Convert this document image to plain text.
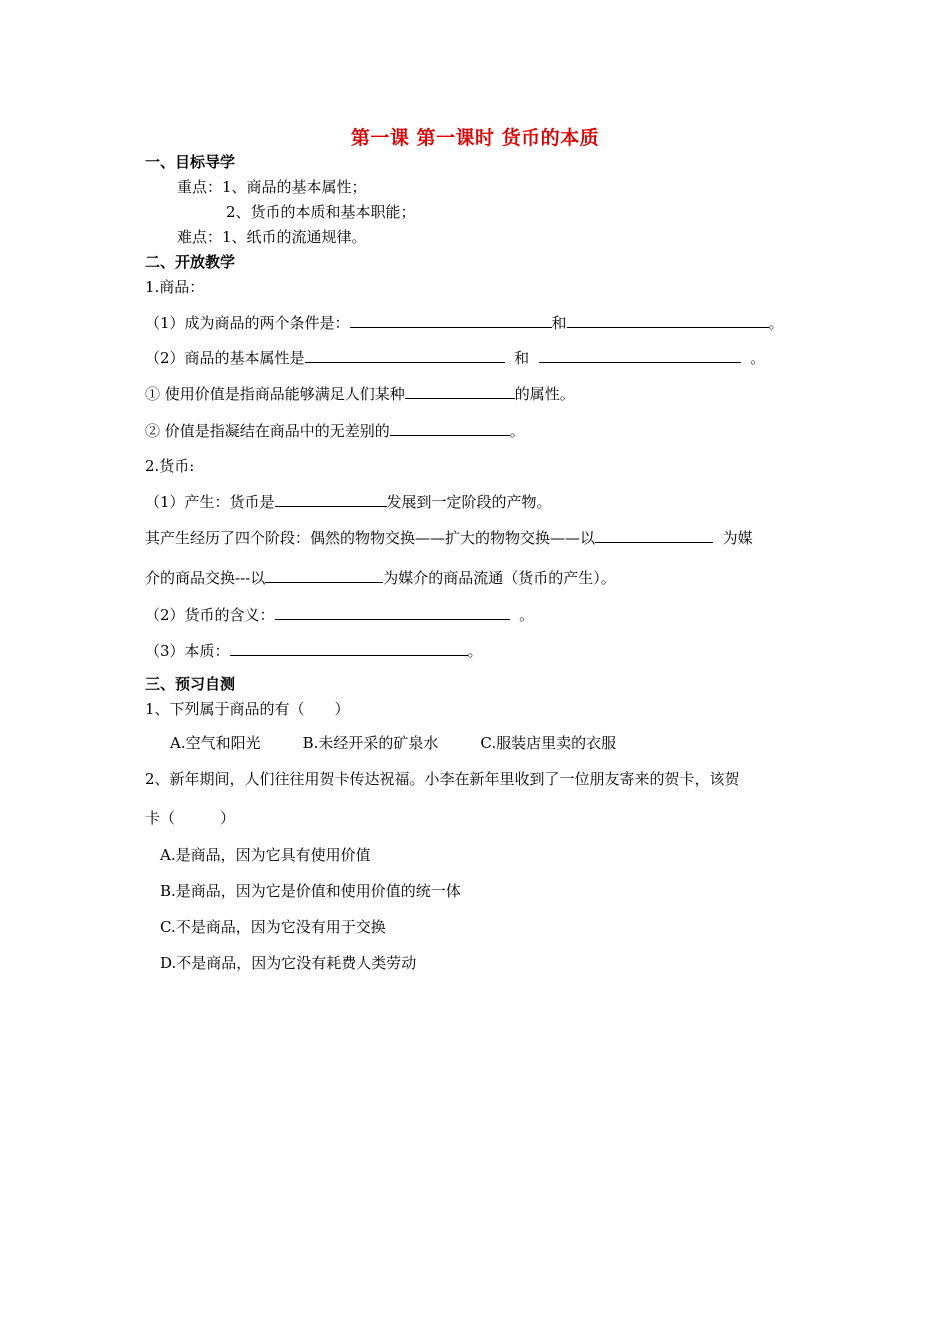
第一课 第一课时 货币的本质
一、目标导学
重点：1、商品的基本属性；
2、货币的本质和基本职能；
难点：1、纸币的流通规律。
二、开放教学
1.商品：
（1）成为商品的两个条件是：	和	。
（2）商品的基本属性是	和	。
① 使用价值是指商品能够满足人们某种	的属性。
② 价值是指凝结在商品中的无差别的	。
2.货币:
（1）产生：货币是	发展到一定阶段的产物。
其产生经历了四个阶段：偶然的物物交换——扩大的物物交换——以	为媒
介的商品交换---以	为媒介的商品流通（货币的产生）。
（2）货币的含义：	。
（3）本质：	。
三、预习自测
1、下列属于商品的有（　　）
A.空气和阳光	B.未经开采的矿泉水	C.服装店里卖的衣服
2、新年期间，人们往往用贺卡传达祝福。小李在新年里收到了一位朋友寄来的贺卡，该贺
卡（　　　）
A.是商品，因为它具有使用价值
B.是商品，因为它是价值和使用价值的统一体
C.不是商品，因为它没有用于交换
D.不是商品，因为它没有耗费人类劳动
